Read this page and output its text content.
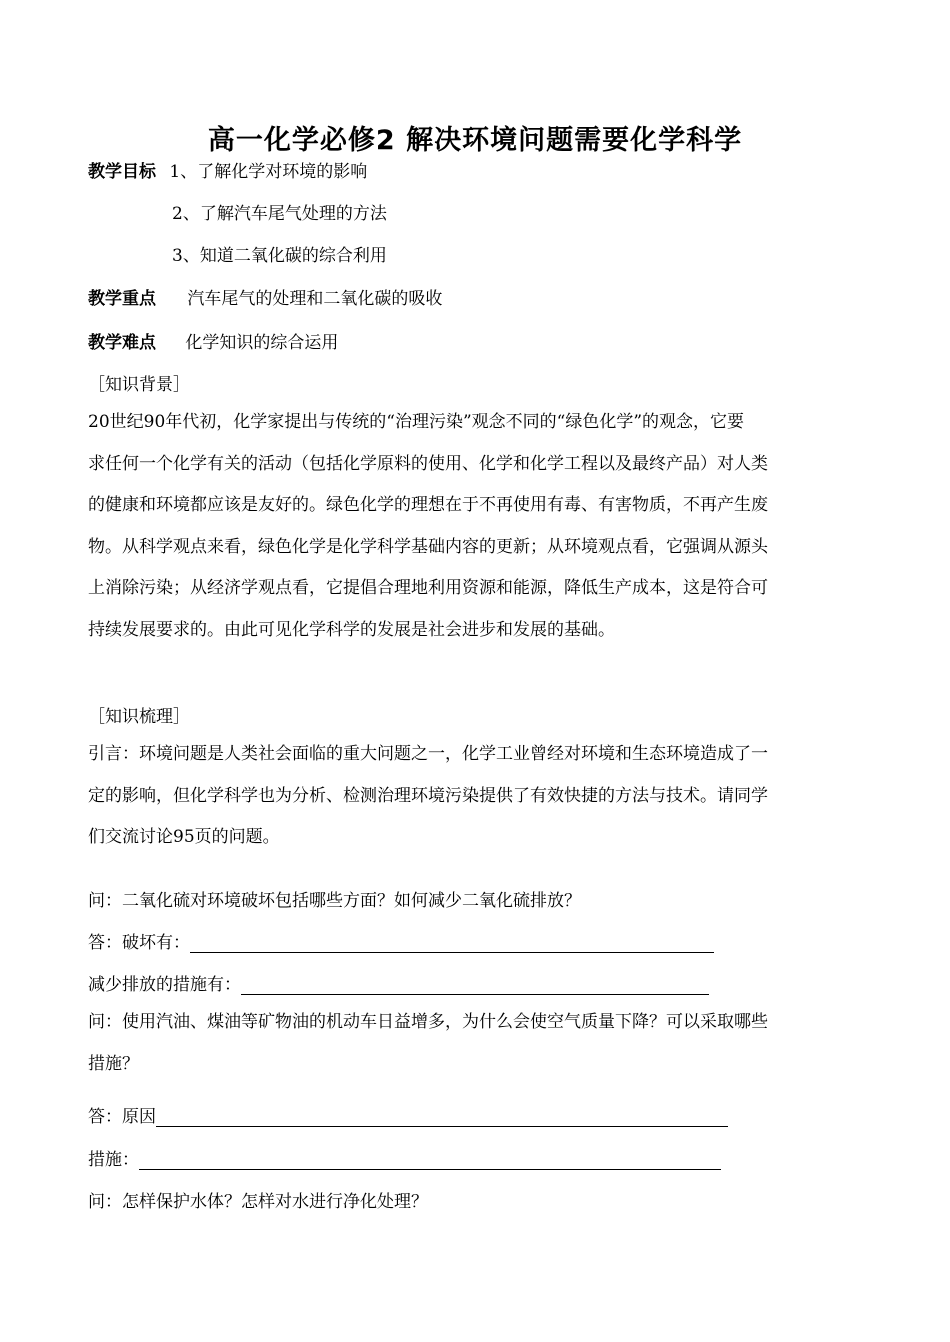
高一化学必修2 解决环境问题需要化学科学
教学目标 1、了解化学对环境的影响
2、了解汽车尾气处理的方法
3、知道二氧化碳的综合利用
教学重点 汽车尾气的处理和二氧化碳的吸收
教学难点 化学知识的综合运用
［知识背景］
20世纪90年代初，化学家提出与传统的“治理污染”观念不同的“绿色化学”的观念，它要
求任何一个化学有关的活动（包括化学原料的使用、化学和化学工程以及最终产品）对人类
的健康和环境都应该是友好的。绿色化学的理想在于不再使用有毒、有害物质，不再产生废
物。从科学观点来看，绿色化学是化学科学基础内容的更新；从环境观点看，它强调从源头
上消除污染；从经济学观点看，它提倡合理地利用资源和能源，降低生产成本，这是符合可
持续发展要求的。由此可见化学科学的发展是社会进步和发展的基础。
［知识梳理］
引言：环境问题是人类社会面临的重大问题之一，化学工业曾经对环境和生态环境造成了一
定的影响，但化学科学也为分析、检测治理环境污染提供了有效快捷的方法与技术。请同学
们交流讨论95页的问题。
问：二氧化硫对环境破坏包括哪些方面？如何减少二氧化硫排放？
答：破坏有：
减少排放的措施有：
问：使用汽油、煤油等矿物油的机动车日益增多，为什么会使空气质量下降？可以采取哪些
措施？
答：原因
措施：
问：怎样保护水体？怎样对水进行净化处理？
